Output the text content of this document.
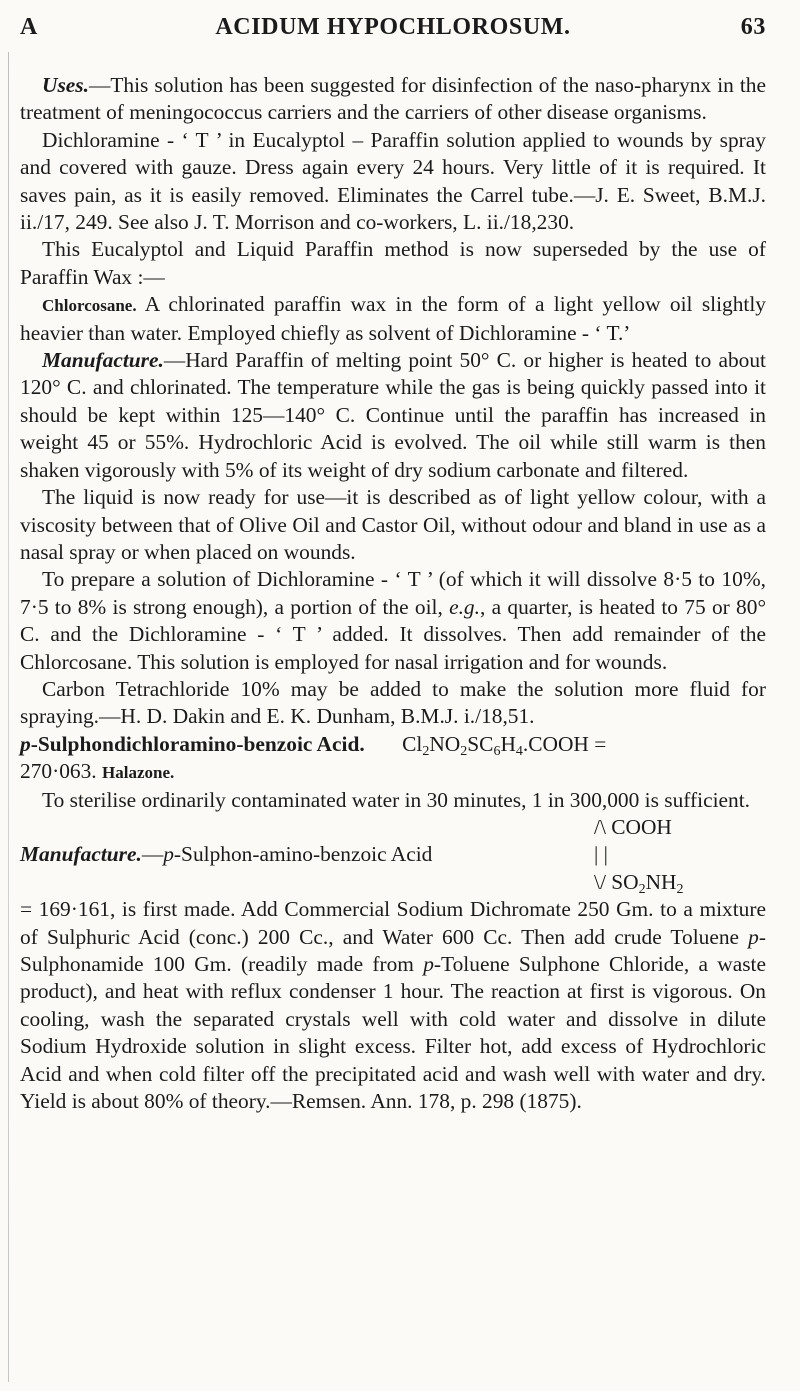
A	ACIDUM HYPOCHLOROSUM.	63

Uses.—This solution has been suggested for disinfection of the naso-pharynx in the treatment of meningococcus carriers and the carriers of other disease organisms.

Dichloramine - ‘ T ’ in Eucalyptol – Paraffin solution applied to wounds by spray and covered with gauze. Dress again every 24 hours. Very little of it is required. It saves pain, as it is easily removed. Eliminates the Carrel tube.—J. E. Sweet, B.M.J. ii./17, 249. See also J. T. Morrison and co-workers, L. ii./18,230.

This Eucalyptol and Liquid Paraffin method is now superseded by the use of Paraffin Wax :—

Chlorcosane. A chlorinated paraffin wax in the form of a light yellow oil slightly heavier than water. Employed chiefly as solvent of Dichloramine - ‘ T.’

Manufacture.—Hard Paraffin of melting point 50° C. or higher is heated to about 120° C. and chlorinated. The temperature while the gas is being quickly passed into it should be kept within 125—140° C. Continue until the paraffin has increased in weight 45 or 55%. Hydrochloric Acid is evolved. The oil while still warm is then shaken vigorously with 5% of its weight of dry sodium carbonate and filtered.

The liquid is now ready for use—it is described as of light yellow colour, with a viscosity between that of Olive Oil and Castor Oil, without odour and bland in use as a nasal spray or when placed on wounds.

To prepare a solution of Dichloramine - ‘ T ’ (of which it will dissolve 8·5 to 10%, 7·5 to 8% is strong enough), a portion of the oil, e.g., a quarter, is heated to 75 or 80° C. and the Dichloramine - ‘ T ’ added. It dissolves. Then add remainder of the Chlorcosane. This solution is employed for nasal irrigation and for wounds.

Carbon Tetrachloride 10% may be added to make the solution more fluid for spraying.—H. D. Dakin and E. K. Dunham, B.M.J. i./18,51.

p-Sulphondichloramino-benzoic Acid. $Cl_2NO_2SC_6H_4.COOH$ =

270·063. Halazone.

To sterilise ordinarily contaminated water in 30 minutes, 1 in 300,000 is sufficient.

/\ COOH
Manufacture.—p-Sulphon-amino-benzoic Acid	| |
\/ $SO_2NH_2$

= 169·161, is first made. Add Commercial Sodium Dichromate 250 Gm. to a mixture of Sulphuric Acid (conc.) 200 Cc., and Water 600 Cc. Then add crude Toluene p-Sulphonamide 100 Gm. (readily made from p-Toluene Sulphone Chloride, a waste product), and heat with reflux condenser 1 hour. The reaction at first is vigorous. On cooling, wash the separated crystals well with cold water and dissolve in dilute Sodium Hydroxide solution in slight excess. Filter hot, add excess of Hydrochloric Acid and when cold filter off the precipitated acid and wash well with water and dry. Yield is about 80% of theory.—Remsen. Ann. 178, p. 298 (1875).
